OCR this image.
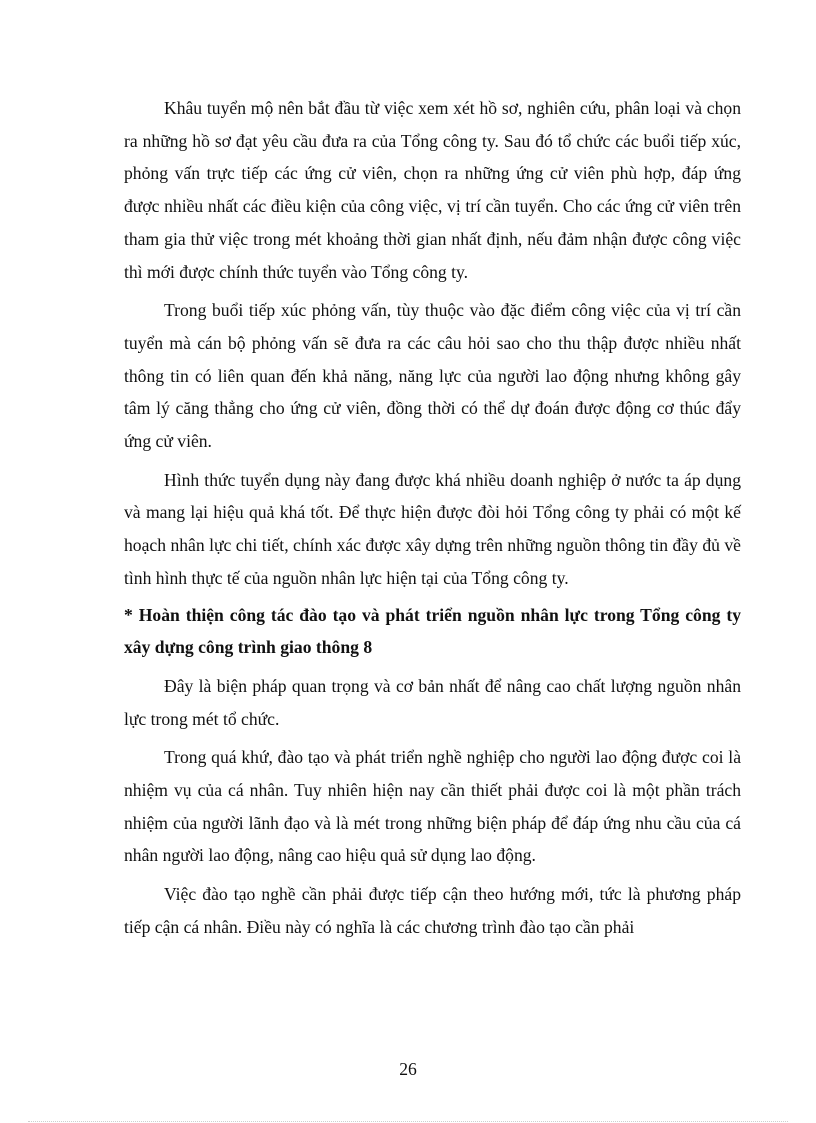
Khâu tuyển mộ nên bắt đầu từ việc xem xét hồ sơ, nghiên cứu, phân loại và chọn ra những hồ sơ đạt yêu cầu đưa ra của Tổng công ty. Sau đó tổ chức các buổi tiếp xúc, phỏng vấn trực tiếp các ứng cử viên, chọn ra những ứng cử viên phù hợp, đáp ứng được nhiều nhất các điều kiện của công việc, vị trí cần tuyển. Cho các ứng cử viên trên tham gia thử việc trong mét khoảng thời gian nhất định, nếu đảm nhận được công việc thì mới được chính thức tuyển vào Tổng công ty.

Trong buổi tiếp xúc phỏng vấn, tùy thuộc vào đặc điểm công việc của vị trí cần tuyển mà cán bộ phỏng vấn sẽ đưa ra các câu hỏi sao cho thu thập được nhiều nhất thông tin có liên quan đến khả năng, năng lực của người lao động nhưng không gây tâm lý căng thẳng cho ứng cử viên, đồng thời có thể dự đoán được động cơ thúc đẩy ứng cử viên.

Hình thức tuyển dụng này đang được khá nhiều doanh nghiệp ở nước ta áp dụng và mang lại hiệu quả khá tốt. Để thực hiện được đòi hỏi Tổng công ty phải có một kế hoạch nhân lực chi tiết, chính xác được xây dựng trên những nguồn thông tin đầy đủ về tình hình thực tế của nguồn nhân lực hiện tại của Tổng công ty.

* Hoàn thiện công tác đào tạo và phát triển nguồn nhân lực trong Tổng công ty xây dựng công trình giao thông 8

Đây là biện pháp quan trọng và cơ bản nhất để nâng cao chất lượng nguồn nhân lực trong mét tổ chức.

Trong quá khứ, đào tạo và phát triển nghề nghiệp cho người lao động được coi là nhiệm vụ của cá nhân. Tuy nhiên hiện nay cần thiết phải được coi là một phần trách nhiệm của người lãnh đạo và là mét trong những biện pháp để đáp ứng nhu cầu của cá nhân người lao động, nâng cao hiệu quả sử dụng lao động.

Việc đào tạo nghề cần phải được tiếp cận theo hướng mới, tức là phương pháp tiếp cận cá nhân. Điều này có nghĩa là các chương trình đào tạo cần phải

26
